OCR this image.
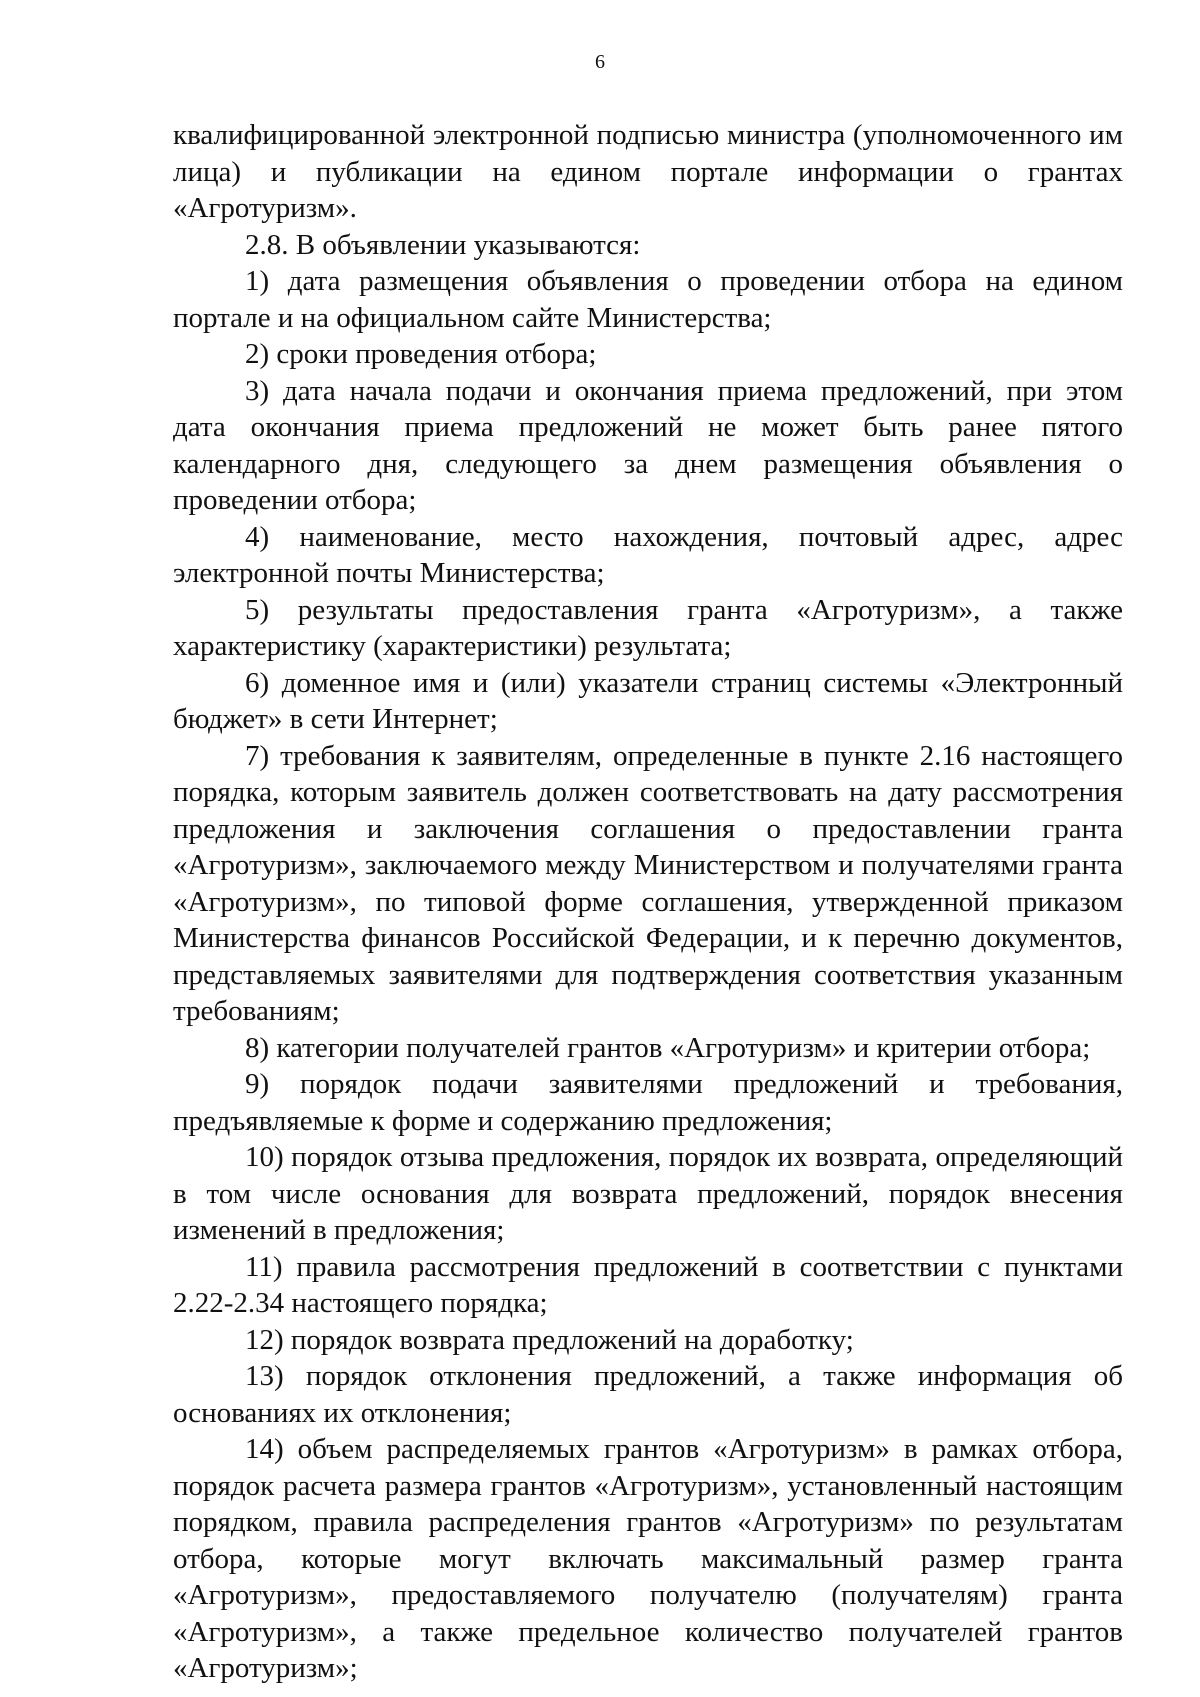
6

квалифицированной электронной подписью министра (уполномоченного им лица) и публикации на едином портале информации о грантах «Агротуризм».

2.8. В объявлении указываются:

1) дата размещения объявления о проведении отбора на едином портале и на официальном сайте Министерства;

2) сроки проведения отбора;

3) дата начала подачи и окончания приема предложений, при этом дата окончания приема предложений не может быть ранее пятого календарного дня, следующего за днем размещения объявления о проведении отбора;

4) наименование, место нахождения, почтовый адрес, адрес электронной почты Министерства;

5) результаты предоставления гранта «Агротуризм», а также характеристику (характеристики) результата;

6) доменное имя и (или) указатели страниц системы «Электронный бюджет» в сети Интернет;

7) требования к заявителям, определенные в пункте 2.16 настоящего порядка, которым заявитель должен соответствовать на дату рассмотрения предложения и заключения соглашения о предоставлении гранта «Агротуризм», заключаемого между Министерством и получателями гранта «Агротуризм», по типовой форме соглашения, утвержденной приказом Министерства финансов Российской Федерации, и к перечню документов, представляемых заявителями для подтверждения соответствия указанным требованиям;

8) категории получателей грантов «Агротуризм» и критерии отбора;

9) порядок подачи заявителями предложений и требования, предъявляемые к форме и содержанию предложения;

10) порядок отзыва предложения, порядок их возврата, определяющий в том числе основания для возврата предложений, порядок внесения изменений в предложения;

11) правила рассмотрения предложений в соответствии с пунктами 2.22-2.34 настоящего порядка;

12) порядок возврата предложений на доработку;

13) порядок отклонения предложений, а также информация об основаниях их отклонения;

14) объем распределяемых грантов «Агротуризм» в рамках отбора, порядок расчета размера грантов «Агротуризм», установленный настоящим порядком, правила распределения грантов «Агротуризм» по результатам отбора, которые могут включать максимальный размер гранта «Агротуризм», предоставляемого получателю (получателям) гранта «Агротуризм», а также предельное количество получателей грантов «Агротуризм»;
